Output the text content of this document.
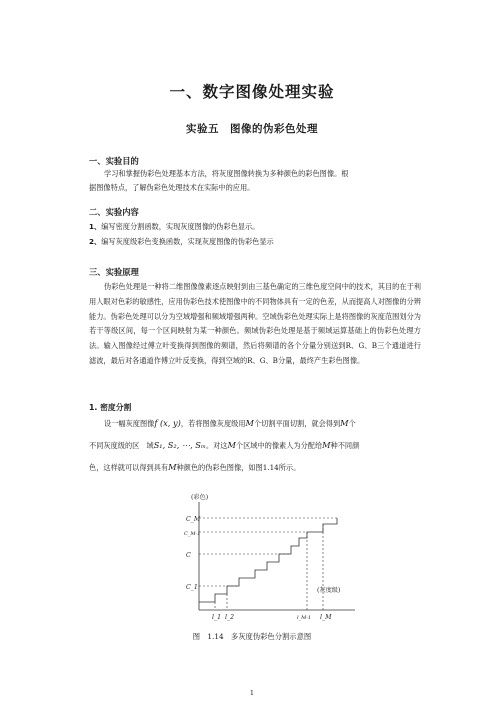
一、数字图像处理实验
实验五　图像的伪彩色处理
一、实验目的
学习和掌握伪彩色处理基本方法，将灰度图像转换为多种颜色的彩色图像。根
据图像特点，了解伪彩色处理技术在实际中的应用。
二、实验内容
1、编写密度分割函数，实现灰度图像的伪彩色显示。
2、编写灰度级彩色变换函数，实现灰度图像的伪彩色显示
三、实验原理
伪彩色处理是一种将二维图像像素逐点映射到由三基色确定的三维色度空间中的技术，其目的在于利用人眼对色彩的敏感性，应用伪彩色技术使图像中的不同物体具有一定的色差，从而提高人对图像的分辨能力。伪彩色处理可以分为空域增强和频域增强两种。空域伪彩色处理实际上是将图像的灰度范围划分为若干等级区间，每一个区间映射为某一种颜色。频域伪彩色处理是基于频域运算基础上的伪彩色处理方法。输入图像经过傅立叶变换得到图像的频谱，然后将频谱的各个分量分别送到R、G、B三个通道进行滤波，最后对各通道作傅立叶反变换，得到空域的R、G、B分量，最终产生彩色图像。
1. 密度分割
设一幅灰度图像f (x, y)，若将图像灰度级用M个切割平面切割，就会得到M个
不同灰度级的区　域S₁, S₂, ⋯, Sₘ。对这M个区域中的像素人为分配给M种不同颜
色，这样就可以得到具有M种颜色的伪彩色图像，如图1.14所示。
(彩色)
(灰度级)
C_M
C_M-1
C
C_1
l_1 l_2	l_M-1 l_M
图　1.14　多灰度伪彩色分割示意图
1
